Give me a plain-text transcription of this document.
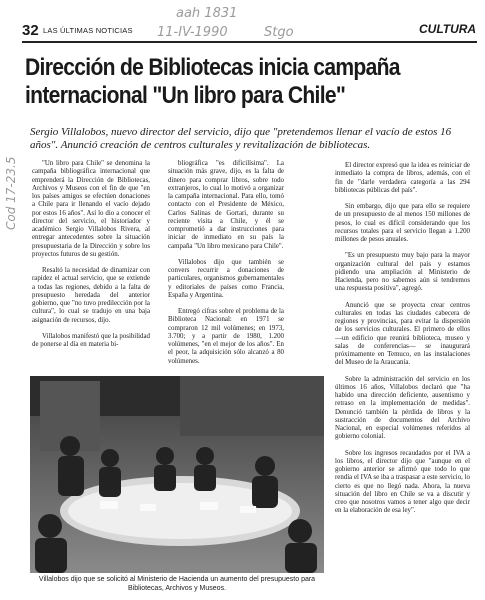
32 LAS ÚLTIMAS NOTICIAS	CULTURA
aah 1831
11-IV-1990	Stgo
Cod 17-23.5
Dirección de Bibliotecas inicia campaña
internacional "Un libro para Chile"
Sergio Villalobos, nuevo director del servicio, dijo que "pretendemos llenar el vacío de estos 16 años". Anunció creación de centros culturales y revitalización de bibliotecas.

"Un libro para Chile" se denomina la campaña bibliográfica internacional que emprenderá la Dirección de Bibliotecas, Archivos y Museos con el fin de que "en los países amigos se efectúen donaciones a Chile para ir llenando el vacío dejado por estos 16 años". Así lo dio a conocer el director del servicio, el historiador y académico Sergio Villalobos Rivera, al entregar antecedentes sobre la situación presupuestaria de la Dirección y sobre los proyectos futuros de su gestión.

Resaltó la necesidad de dinamizar con rapidez el actual servicio, que se extiende a todas las regiones, debido a la falta de presupuesto heredada del anterior gobierno, que "no tuvo predilección por la cultura", lo cual se tradujo en una baja asignación de recursos, dijo.

Villalobos manifestó que la posibilidad de ponerse al día en materia bi-

bliográfica "es dificilísima". La situación más grave, dijo, es la falta de dinero para comprar libros, sobre todo extranjeros, lo cual lo motivó a organizar la campaña internacional. Para ello, tomó contacto con el Presidente de México, Carlos Salinas de Gortari, durante su reciente visita a Chile, y él se comprometió a dar instrucciones para iniciar de inmediato en su país la campaña "Un libro mexicano para Chile".

Villalobos dijo que también se convers recurrir a donaciones de particulares, organismos gubernamentales y editoriales de países como Francia, España y Argentina.

Entregó cifras sobre el problema de la Biblioteca Nacional: en 1971 se compraron 12 mil volúmenes; en 1973, 3.700; y a partir de 1980, 1.200 volúmenes, "en el mejor de los años". En el peor, la adquisición sólo alcanzó a 80 volúmenes.

El director expresó que la idea es reiniciar de inmediato la compra de libros, además, con el fin de "darle verdadera categoría a las 294 bibliotecas públicas del país".

Sin embargo, dijo que para ello se requiere de un presupuesto de al menos 150 millones de pesos, lo cual es difícil considerando que los recursos totales para el servicio llegan a 1.200 millones de pesos anuales.

"Es un presupuesto muy bajo para la mayor organización cultural del país y estamos pidiendo una ampliación al Ministerio de Hacienda, pero no sabemos aún si tendremos una respuesta positiva", agregó.

Anunció que se proyecta crear centros culturales en todas las ciudades cabecera de regiones y provincias, para evitar la dispersión de los servicios culturales. El primero de ellos —un edificio que reunirá biblioteca, museo y salas de conferencias— se inaugurará próximamente en Temuco, en las instalaciones del Museo de la Araucanía.

Sobre la administración del servicio en los últimos 16 años, Villalobos declaró que "ha habido una dirección deficiente, ausentismo y retraso en la implementación de medidas". Denunció también la pérdida de libros y la sustracción de documentos del Archivo Nacional, en especial volúmenes referidos al gobierno colonial.

Sobre los ingresos recaudados por el IVA a los libros, el director dijo que "aunque en el gobierno anterior se afirmó que todo lo que rendía el IVA se iba a traspasar a este servicio, lo cierto es que no llegó nada. Ahora, la nueva situación del libro en Chile se va a discutir y creo que nosotros vamos a tener algo que decir en la elaboración de esa ley".

Villalobos dijo que se solicitó al Ministerio de Hacienda un aumento del presupuesto para Bibliotecas, Archivos y Museos.
